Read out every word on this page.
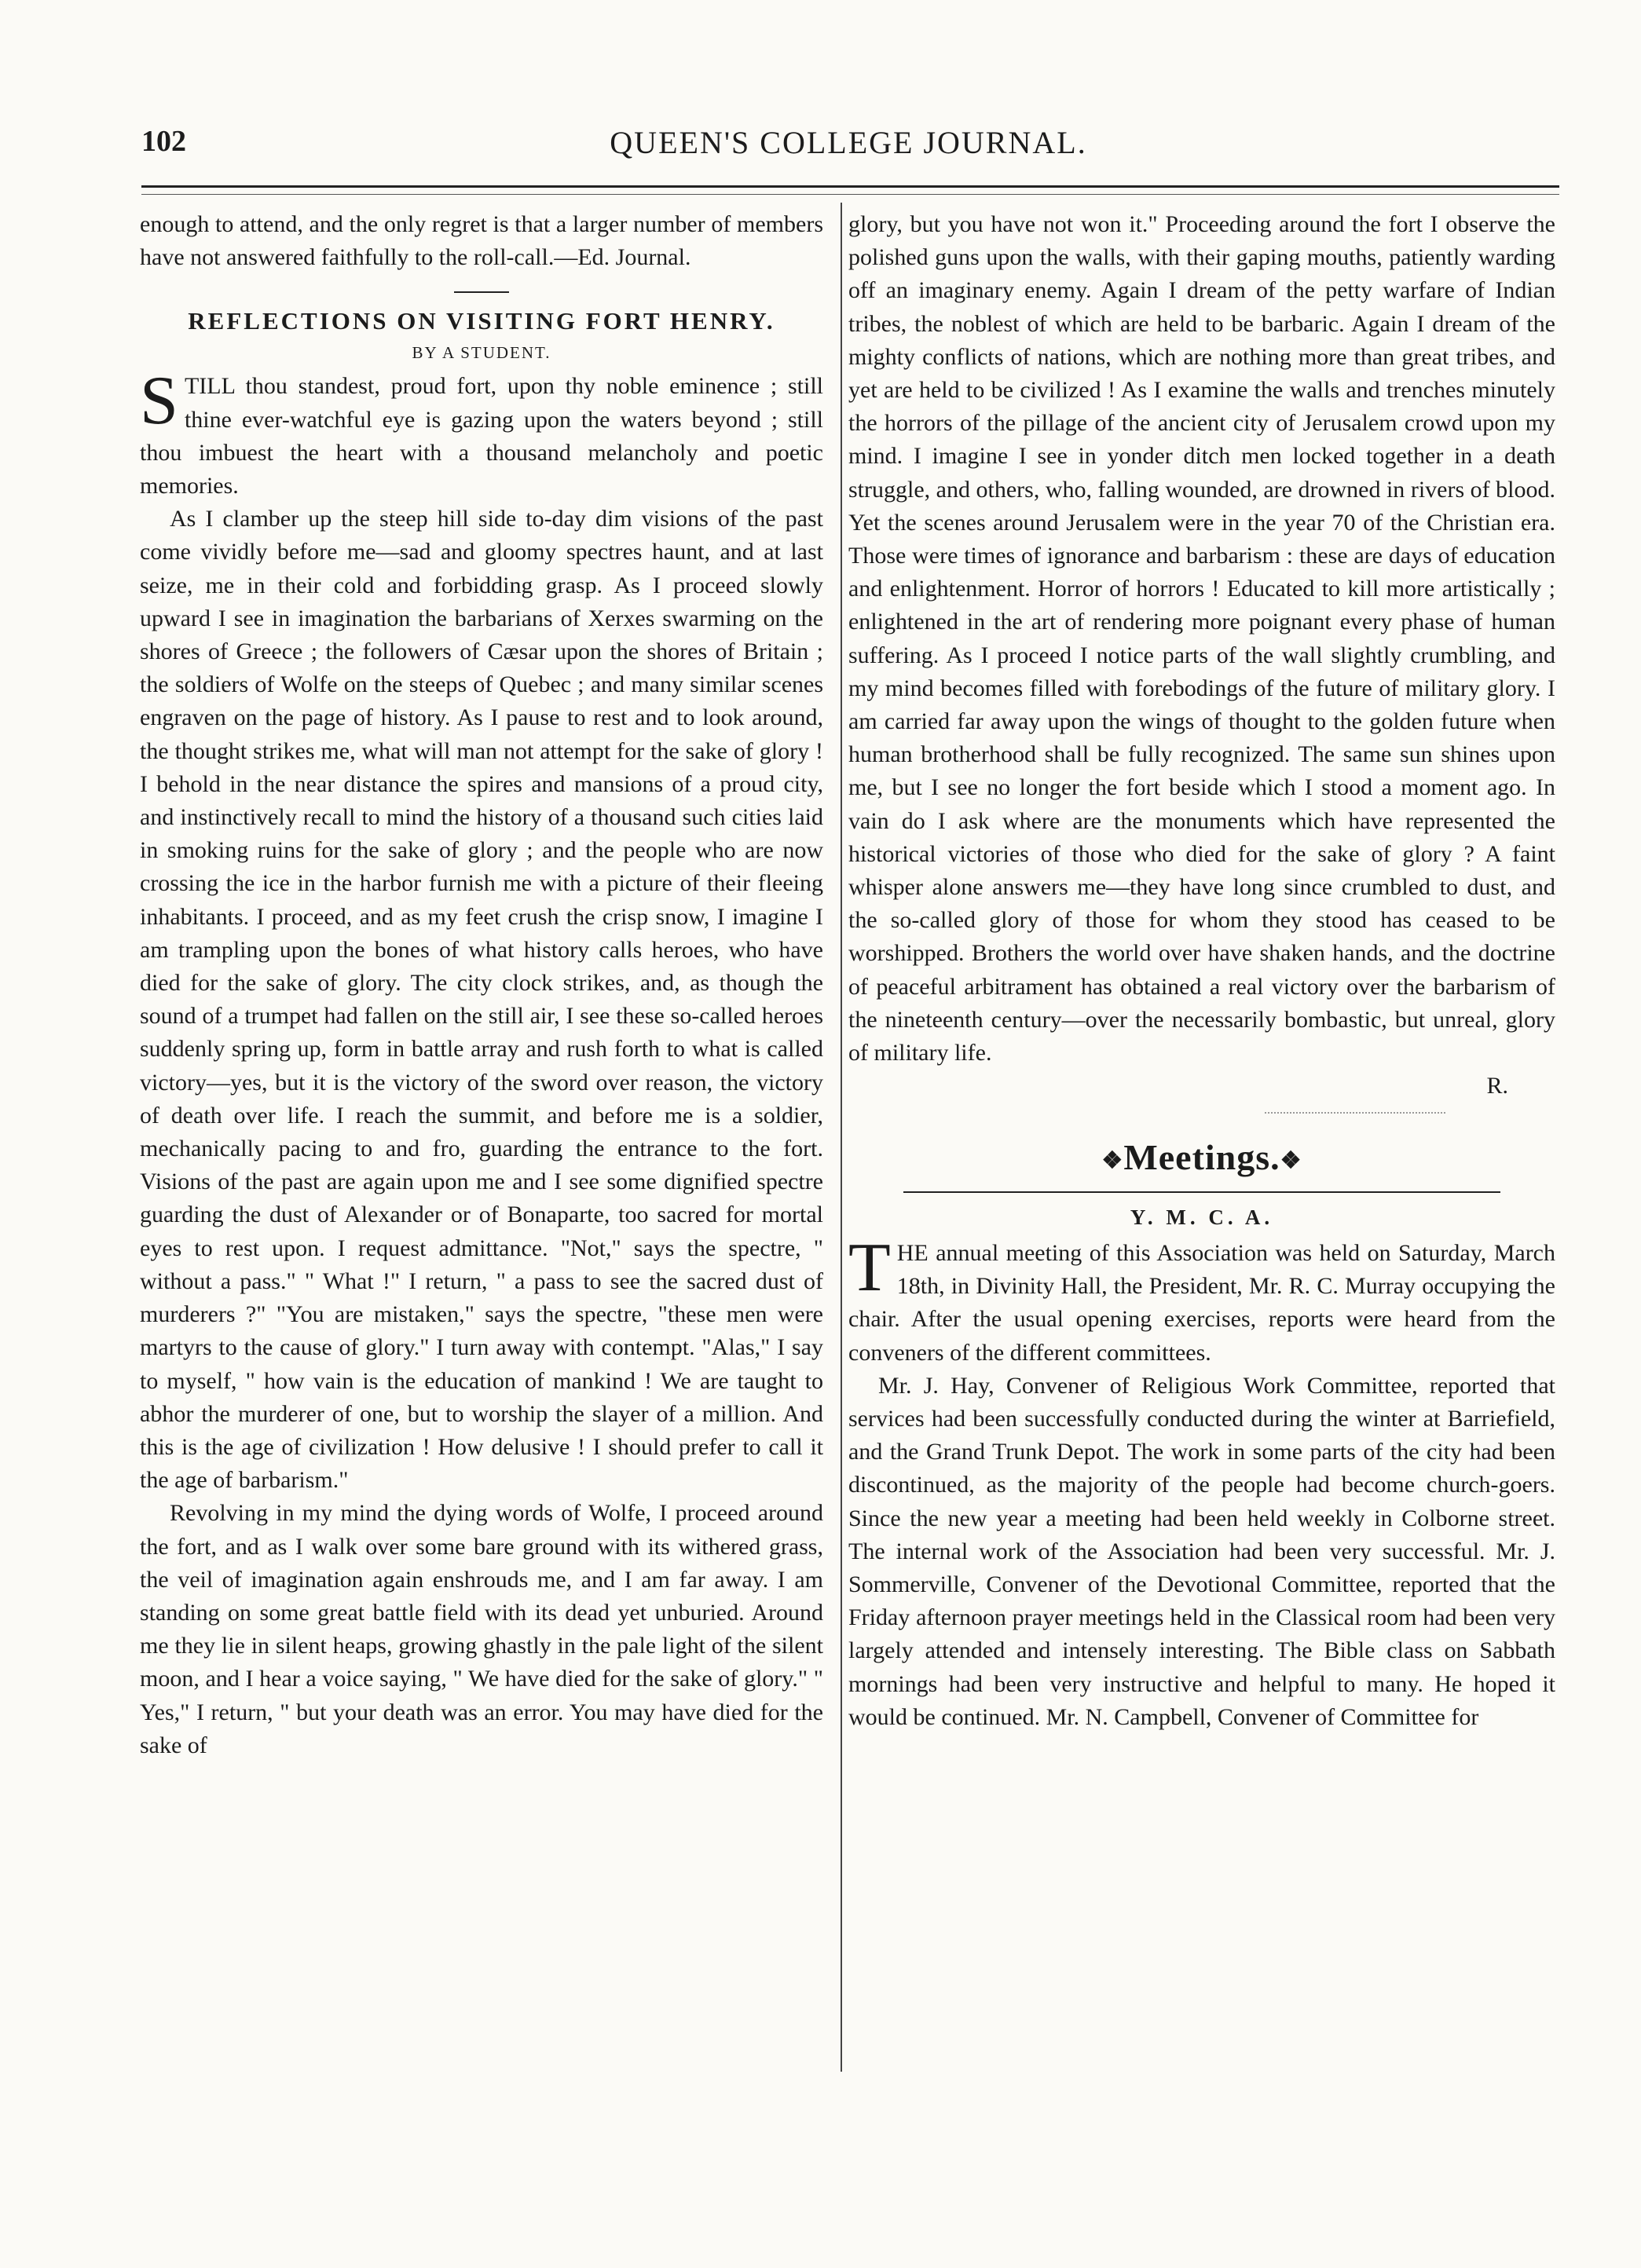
102	QUEEN'S COLLEGE JOURNAL.

enough to attend, and the only regret is that a larger number of members have not answered faithfully to the roll-call.—Ed. Journal.

REFLECTIONS ON VISITING FORT HENRY.
BY A STUDENT.

STILL thou standest, proud fort, upon thy noble eminence ; still thine ever-watchful eye is gazing upon the waters beyond ; still thou imbuest the heart with a thousand melancholy and poetic memories.

As I clamber up the steep hill side to-day dim visions of the past come vividly before me—sad and gloomy spectres haunt, and at last seize, me in their cold and forbidding grasp. As I proceed slowly upward I see in imagination the barbarians of Xerxes swarming on the shores of Greece ; the followers of Cæsar upon the shores of Britain ; the soldiers of Wolfe on the steeps of Quebec ; and many similar scenes engraven on the page of history. As I pause to rest and to look around, the thought strikes me, what will man not attempt for the sake of glory ! I behold in the near distance the spires and mansions of a proud city, and instinctively recall to mind the history of a thousand such cities laid in smoking ruins for the sake of glory ; and the people who are now crossing the ice in the harbor furnish me with a picture of their fleeing inhabitants. I proceed, and as my feet crush the crisp snow, I imagine I am trampling upon the bones of what history calls heroes, who have died for the sake of glory. The city clock strikes, and, as though the sound of a trumpet had fallen on the still air, I see these so-called heroes suddenly spring up, form in battle array and rush forth to what is called victory—yes, but it is the victory of the sword over reason, the victory of death over life. I reach the summit, and before me is a soldier, mechanically pacing to and fro, guarding the entrance to the fort. Visions of the past are again upon me and I see some dignified spectre guarding the dust of Alexander or of Bonaparte, too sacred for mortal eyes to rest upon. I request admittance. "Not," says the spectre, " without a pass." " What !" I return, " a pass to see the sacred dust of murderers ?" "You are mistaken," says the spectre, "these men were martyrs to the cause of glory." I turn away with contempt. "Alas," I say to myself, " how vain is the education of mankind ! We are taught to abhor the murderer of one, but to worship the slayer of a million. And this is the age of civilization ! How delusive ! I should prefer to call it the age of barbarism."

Revolving in my mind the dying words of Wolfe, I proceed around the fort, and as I walk over some bare ground with its withered grass, the veil of imagination again enshrouds me, and I am far away. I am standing on some great battle field with its dead yet unburied. Around me they lie in silent heaps, growing ghastly in the pale light of the silent moon, and I hear a voice saying, " We have died for the sake of glory." " Yes," I return, " but your death was an error. You may have died for the sake of

glory, but you have not won it." Proceeding around the fort I observe the polished guns upon the walls, with their gaping mouths, patiently warding off an imaginary enemy. Again I dream of the petty warfare of Indian tribes, the noblest of which are held to be barbaric. Again I dream of the mighty conflicts of nations, which are nothing more than great tribes, and yet are held to be civilized ! As I examine the walls and trenches minutely the horrors of the pillage of the ancient city of Jerusalem crowd upon my mind. I imagine I see in yonder ditch men locked together in a death struggle, and others, who, falling wounded, are drowned in rivers of blood. Yet the scenes around Jerusalem were in the year 70 of the Christian era. Those were times of ignorance and barbarism : these are days of education and enlightenment. Horror of horrors ! Educated to kill more artistically ; enlightened in the art of rendering more poignant every phase of human suffering. As I proceed I notice parts of the wall slightly crumbling, and my mind becomes filled with forebodings of the future of military glory. I am carried far away upon the wings of thought to the golden future when human brotherhood shall be fully recognized. The same sun shines upon me, but I see no longer the fort beside which I stood a moment ago. In vain do I ask where are the monuments which have represented the historical victories of those who died for the sake of glory ? A faint whisper alone answers me—they have long since crumbled to dust, and the so-called glory of those for whom they stood has ceased to be worshipped. Brothers the world over have shaken hands, and the doctrine of peaceful arbitrament has obtained a real victory over the barbarism of the nineteenth century—over the necessarily bombastic, but unreal, glory of military life.

R.
❖Meetings.❖
Y. M. C. A.

THE annual meeting of this Association was held on Saturday, March 18th, in Divinity Hall, the President, Mr. R. C. Murray occupying the chair. After the usual opening exercises, reports were heard from the conveners of the different committees.

Mr. J. Hay, Convener of Religious Work Committee, reported that services had been successfully conducted during the winter at Barriefield, and the Grand Trunk Depot. The work in some parts of the city had been discontinued, as the majority of the people had become church-goers. Since the new year a meeting had been held weekly in Colborne street. The internal work of the Association had been very successful. Mr. J. Sommerville, Convener of the Devotional Committee, reported that the Friday afternoon prayer meetings held in the Classical room had been very largely attended and intensely interesting. The Bible class on Sabbath mornings had been very instructive and helpful to many. He hoped it would be continued. Mr. N. Campbell, Convener of Committee for
